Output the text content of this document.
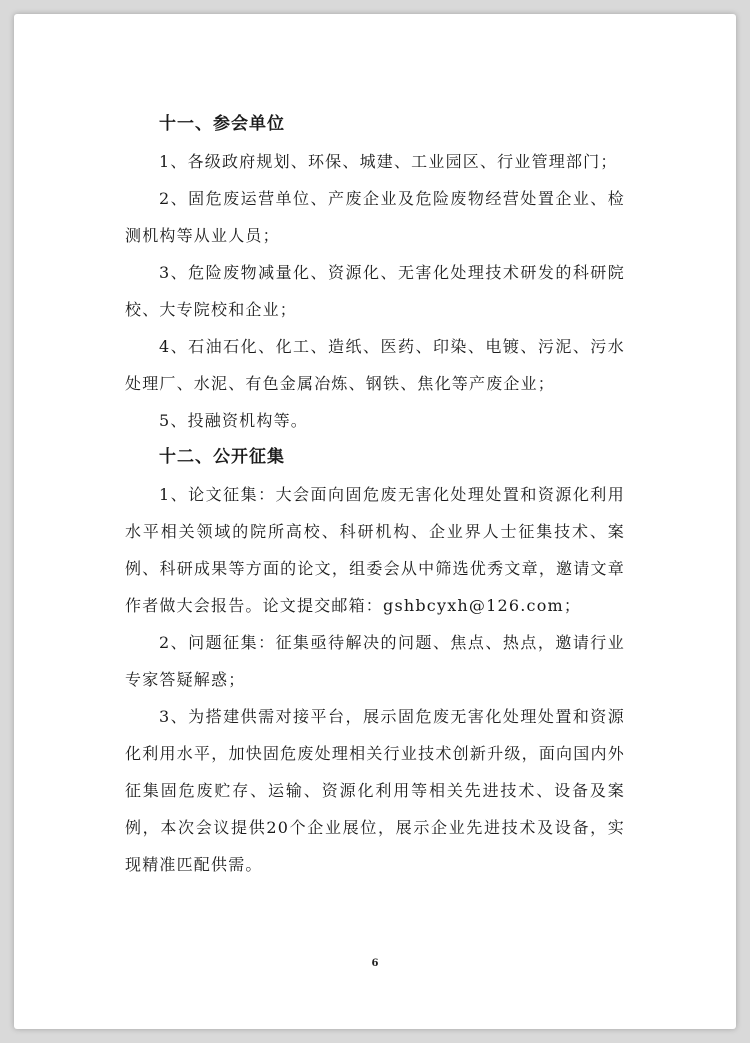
十一、参会单位
1、各级政府规划、环保、城建、工业园区、行业管理部门；
2、固危废运营单位、产废企业及危险废物经营处置企业、检测机构等从业人员；
3、危险废物减量化、资源化、无害化处理技术研发的科研院校、大专院校和企业；
4、石油石化、化工、造纸、医药、印染、电镀、污泥、污水处理厂、水泥、有色金属冶炼、钢铁、焦化等产废企业；
5、投融资机构等。
十二、公开征集
1、论文征集：大会面向固危废无害化处理处置和资源化利用水平相关领域的院所高校、科研机构、企业界人士征集技术、案例、科研成果等方面的论文，组委会从中筛选优秀文章，邀请文章作者做大会报告。论文提交邮箱：gshbcyxh@126.com；
2、问题征集：征集亟待解决的问题、焦点、热点，邀请行业专家答疑解惑；
3、为搭建供需对接平台，展示固危废无害化处理处置和资源化利用水平，加快固危废处理相关行业技术创新升级，面向国内外征集固危废贮存、运输、资源化利用等相关先进技术、设备及案例，本次会议提供20个企业展位，展示企业先进技术及设备，实现精准匹配供需。
6
